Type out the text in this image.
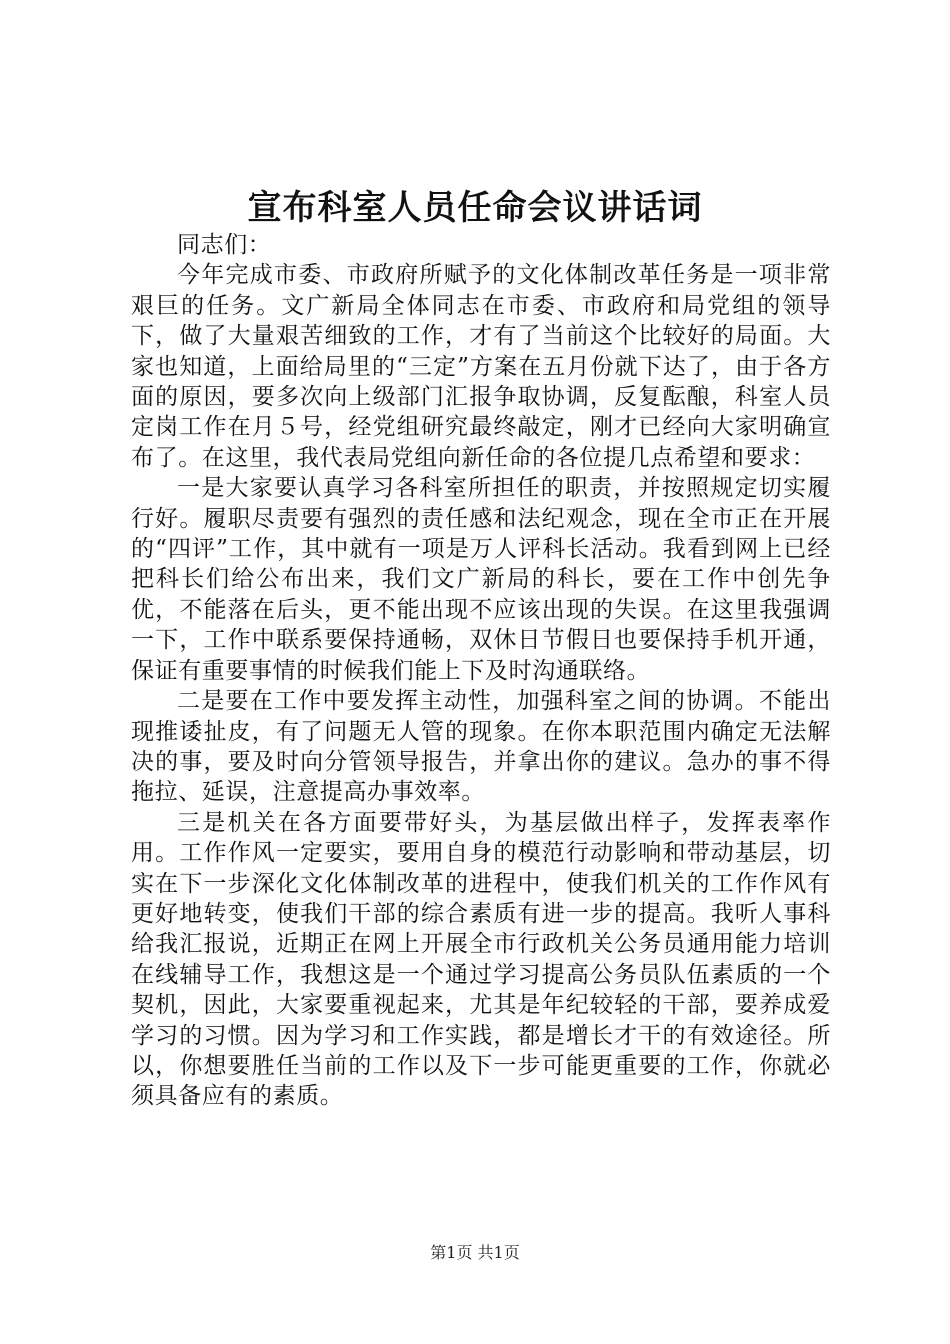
宣布科室人员任命会议讲话词

同志们：

今年完成市委、市政府所赋予的文化体制改革任务是一项非常艰巨的任务。文广新局全体同志在市委、市政府和局党组的领导下，做了大量艰苦细致的工作，才有了当前这个比较好的局面。大家也知道，上面给局里的“三定”方案在五月份就下达了，由于各方面的原因，要多次向上级部门汇报争取协调，反复酝酿，科室人员定岗工作在月５号，经党组研究最终敲定，刚才已经向大家明确宣布了。在这里，我代表局党组向新任命的各位提几点希望和要求：

一是大家要认真学习各科室所担任的职责，并按照规定切实履行好。履职尽责要有强烈的责任感和法纪观念，现在全市正在开展的“四评”工作，其中就有一项是万人评科长活动。我看到网上已经把科长们给公布出来，我们文广新局的科长，要在工作中创先争优，不能落在后头，更不能出现不应该出现的失误。在这里我强调一下，工作中联系要保持通畅，双休日节假日也要保持手机开通，保证有重要事情的时候我们能上下及时沟通联络。

二是要在工作中要发挥主动性，加强科室之间的协调。不能出现推诿扯皮，有了问题无人管的现象。在你本职范围内确定无法解决的事，要及时向分管领导报告，并拿出你的建议。急办的事不得拖拉、延误，注意提高办事效率。

三是机关在各方面要带好头，为基层做出样子，发挥表率作用。工作作风一定要实，要用自身的模范行动影响和带动基层，切实在下一步深化文化体制改革的进程中，使我们机关的工作作风有更好地转变，使我们干部的综合素质有进一步的提高。我听人事科给我汇报说，近期正在网上开展全市行政机关公务员通用能力培训在线辅导工作，我想这是一个通过学习提高公务员队伍素质的一个契机，因此，大家要重视起来，尤其是年纪较轻的干部，要养成爱学习的习惯。因为学习和工作实践，都是增长才干的有效途径。所以，你想要胜任当前的工作以及下一步可能更重要的工作，你就必须具备应有的素质。

第1页 共1页
